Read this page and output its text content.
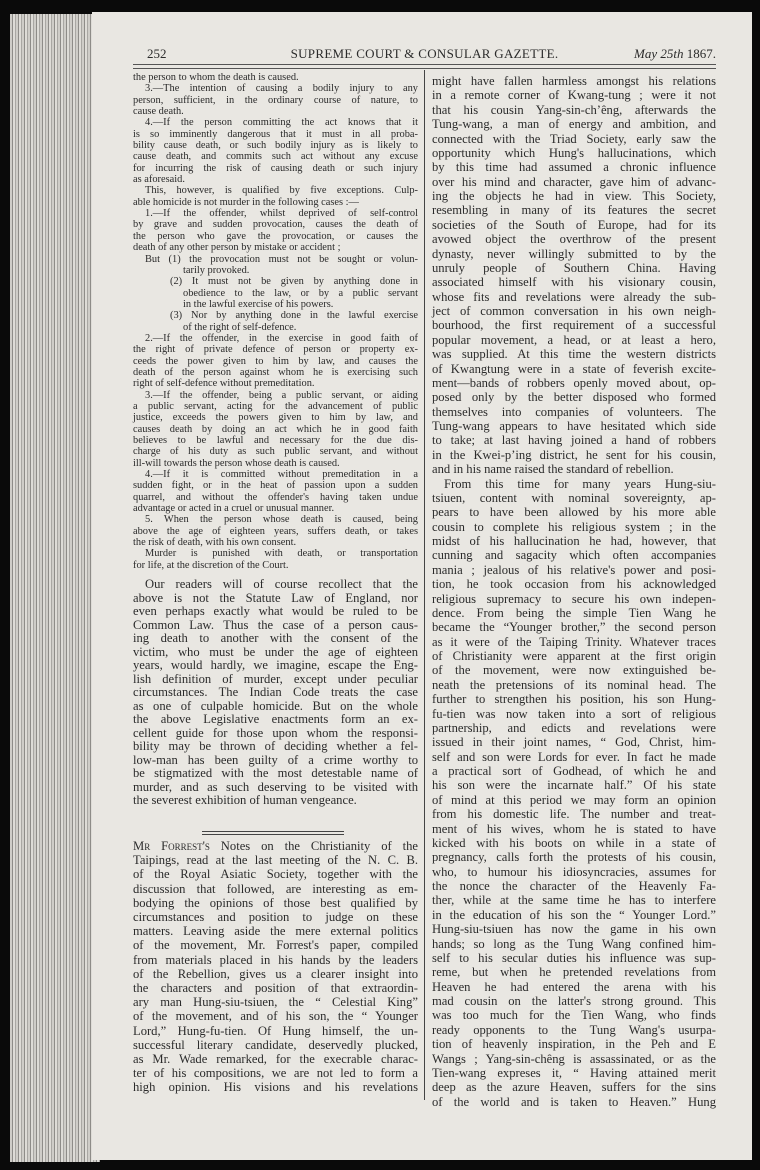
252	SUPREME COURT & CONSULAR GAZETTE.	May 25th 1867.
the person to whom the death is caused.
3.—The intention of causing a bodily injury to any
person, sufficient, in the ordinary course of nature, to
cause death.
4.—If the person committing the act knows that it
is so imminently dangerous that it must in all proba-
bility cause death, or such bodily injury as is likely to
cause death, and commits such act without any excuse
for incurring the risk of causing death or such injury
as aforesaid.
This, however, is qualified by five exceptions. Culp-
able homicide is not murder in the following cases :—
1.—If the offender, whilst deprived of self-control
by grave and sudden provocation, causes the death of
the person who gave the provocation, or causes the
death of any other person by mistake or accident ;
But (1) the provocation must not be sought or volun-
tarily provoked.
(2) It must not be given by anything done in
obedience to the law, or by a public servant
in the lawful exercise of his powers.
(3) Nor by anything done in the lawful exercise
of the right of self-defence.
2.—If the offender, in the exercise in good faith of
the right of private defence of person or property ex-
ceeds the power given to him by law, and causes the
death of the person against whom he is exercising such
right of self-defence without premeditation.
3.—If the offender, being a public servant, or aiding
a public servant, acting for the advancement of public
justice, exceeds the powers given to him by law, and
causes death by doing an act which he in good faith
believes to be lawful and necessary for the due dis-
charge of his duty as such public servant, and without
ill-will towards the person whose death is caused.
4.—If it is committed without premeditation in a
sudden fight, or in the heat of passion upon a sudden
quarrel, and without the offender's having taken undue
advantage or acted in a cruel or unusual manner.
5. When the person whose death is caused, being
above the age of eighteen years, suffers death, or takes
the risk of death, with his own consent.
Murder is punished with death, or transportation
for life, at the discretion of the Court.
Our readers will of course recollect that the
above is not the Statute Law of England, nor
even perhaps exactly what would be ruled to be
Common Law. Thus the case of a person caus-
ing death to another with the consent of the
victim, who must be under the age of eighteen
years, would hardly, we imagine, escape the Eng-
lish definition of murder, except under peculiar
circumstances. The Indian Code treats the case
as one of culpable homicide. But on the whole
the above Legislative enactments form an ex-
cellent guide for those upon whom the responsi-
bility may be thrown of deciding whether a fel-
low-man has been guilty of a crime worthy to
be stigmatized with the most detestable name of
murder, and as such deserving to be visited with
the severest exhibition of human vengeance.
Mr Forrest's Notes on the Christianity of the
Taipings, read at the last meeting of the N. C. B.
of the Royal Asiatic Society, together with the
discussion that followed, are interesting as em-
bodying the opinions of those best qualified by
circumstances and position to judge on these
matters. Leaving aside the mere external politics
of the movement, Mr. Forrest's paper, compiled
from materials placed in his hands by the leaders
of the Rebellion, gives us a clearer insight into
the characters and position of that extraordin-
ary man Hung-siu-tsiuen, the “ Celestial King”
of the movement, and of his son, the “ Younger
Lord,” Hung-fu-tien. Of Hung himself, the un-
successful literary candidate, deservedly plucked,
as Mr. Wade remarked, for the execrable charac-
ter of his compositions, we are not led to form a
high opinion. His visions and his revelations
might have fallen harmless amongst his relations
in a remote corner of Kwang-tung ; were it not
that his cousin Yang-sin-ch’êng, afterwards the
Tung-wang, a man of energy and ambition, and
connected with the Triad Society, early saw the
opportunity which Hung's hallucinations, which
by this time had assumed a chronic influence
over his mind and character, gave him of advanc-
ing the objects he had in view. This Society,
resembling in many of its features the secret
societies of the South of Europe, had for its
avowed object the overthrow of the present
dynasty, never willingly submitted to by the
unruly people of Southern China. Having
associated himself with his visionary cousin,
whose fits and revelations were already the sub-
ject of common conversation in his own neigh-
bourhood, the first requirement of a successful
popular movement, a head, or at least a hero,
was supplied. At this time the western districts
of Kwangtung were in a state of feverish excite-
ment—bands of robbers openly moved about, op-
posed only by the better disposed who formed
themselves into companies of volunteers. The
Tung-wang appears to have hesitated which side
to take; at last having joined a hand of robbers
in the Kwei-p’ing district, he sent for his cousin,
and in his name raised the standard of rebellion.
From this time for many years Hung-siu-
tsiuen, content with nominal sovereignty, ap-
pears to have been allowed by his more able
cousin to complete his religious system ; in the
midst of his hallucination he had, however, that
cunning and sagacity which often accompanies
mania ; jealous of his relative's power and posi-
tion, he took occasion from his acknowledged
religious supremacy to secure his own indepen-
dence. From being the simple Tien Wang he
became the “Younger brother,” the second person
as it were of the Taiping Trinity. Whatever traces
of Christianity were apparent at the first origin
of the movement, were now extinguished be-
neath the pretensions of its nominal head. The
further to strengthen his position, his son Hung-
fu-tien was now taken into a sort of religious
partnership, and edicts and revelations were
issued in their joint names, “ God, Christ, him-
self and son were Lords for ever. In fact he made
a practical sort of Godhead, of which he and
his son were the incarnate half.” Of his state
of mind at this period we may form an opinion
from his domestic life. The number and treat-
ment of his wives, whom he is stated to have
kicked with his boots on while in a state of
pregnancy, calls forth the protests of his cousin,
who, to humour his idiosyncracies, assumes for
the nonce the character of the Heavenly Fa-
ther, while at the same time he has to interfere
in the education of his son the “ Younger Lord.”
Hung-siu-tsiuen has now the game in his own
hands; so long as the Tung Wang confined him-
self to his secular duties his influence was sup-
reme, but when he pretended revelations from
Heaven he had entered the arena with his
mad cousin on the latter's strong ground. This
was too much for the Tien Wang, who finds
ready opponents to the Tung Wang's usurpa-
tion of heavenly inspiration, in the Peh and E
Wangs ; Yang-sin-chêng is assassinated, or as the
Tien-wang expreses it, “ Having attained merit
deep as the azure Heaven, suffers for the sins
of the world and is taken to Heaven.” Hung
